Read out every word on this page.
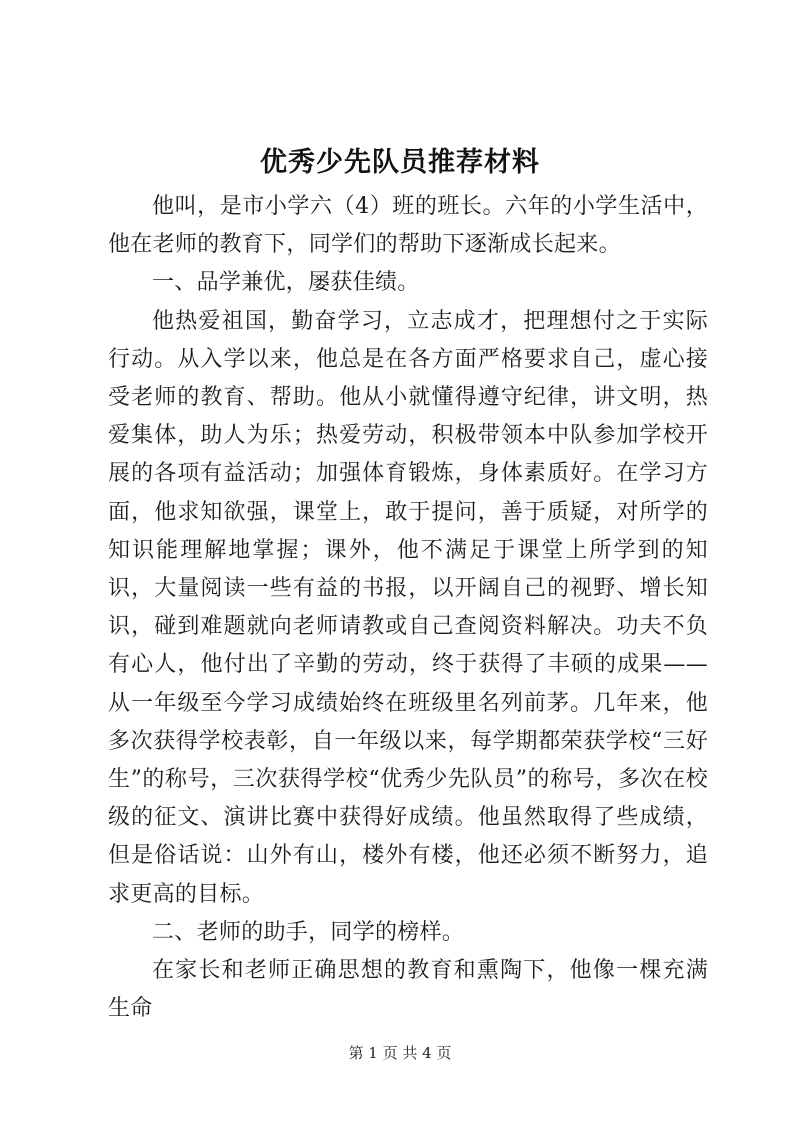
优秀少先队员推荐材料

他叫，是市小学六（4）班的班长。六年的小学生活中，他在老师的教育下，同学们的帮助下逐渐成长起来。

一、品学兼优，屡获佳绩。

他热爱祖国，勤奋学习，立志成才，把理想付之于实际行动。从入学以来，他总是在各方面严格要求自己，虚心接受老师的教育、帮助。他从小就懂得遵守纪律，讲文明，热爱集体，助人为乐；热爱劳动，积极带领本中队参加学校开展的各项有益活动；加强体育锻炼，身体素质好。在学习方面，他求知欲强，课堂上，敢于提问，善于质疑，对所学的知识能理解地掌握；课外，他不满足于课堂上所学到的知识，大量阅读一些有益的书报，以开阔自己的视野、增长知识，碰到难题就向老师请教或自己查阅资料解决。功夫不负有心人，他付出了辛勤的劳动，终于获得了丰硕的成果——从一年级至今学习成绩始终在班级里名列前茅。几年来，他多次获得学校表彰，自一年级以来，每学期都荣获学校“三好生”的称号，三次获得学校“优秀少先队员”的称号，多次在校级的征文、演讲比赛中获得好成绩。他虽然取得了些成绩，但是俗话说：山外有山，楼外有楼，他还必须不断努力，追求更高的目标。

二、老师的助手，同学的榜样。

在家长和老师正确思想的教育和熏陶下，他像一棵充满生命

第 1 页 共 4 页
